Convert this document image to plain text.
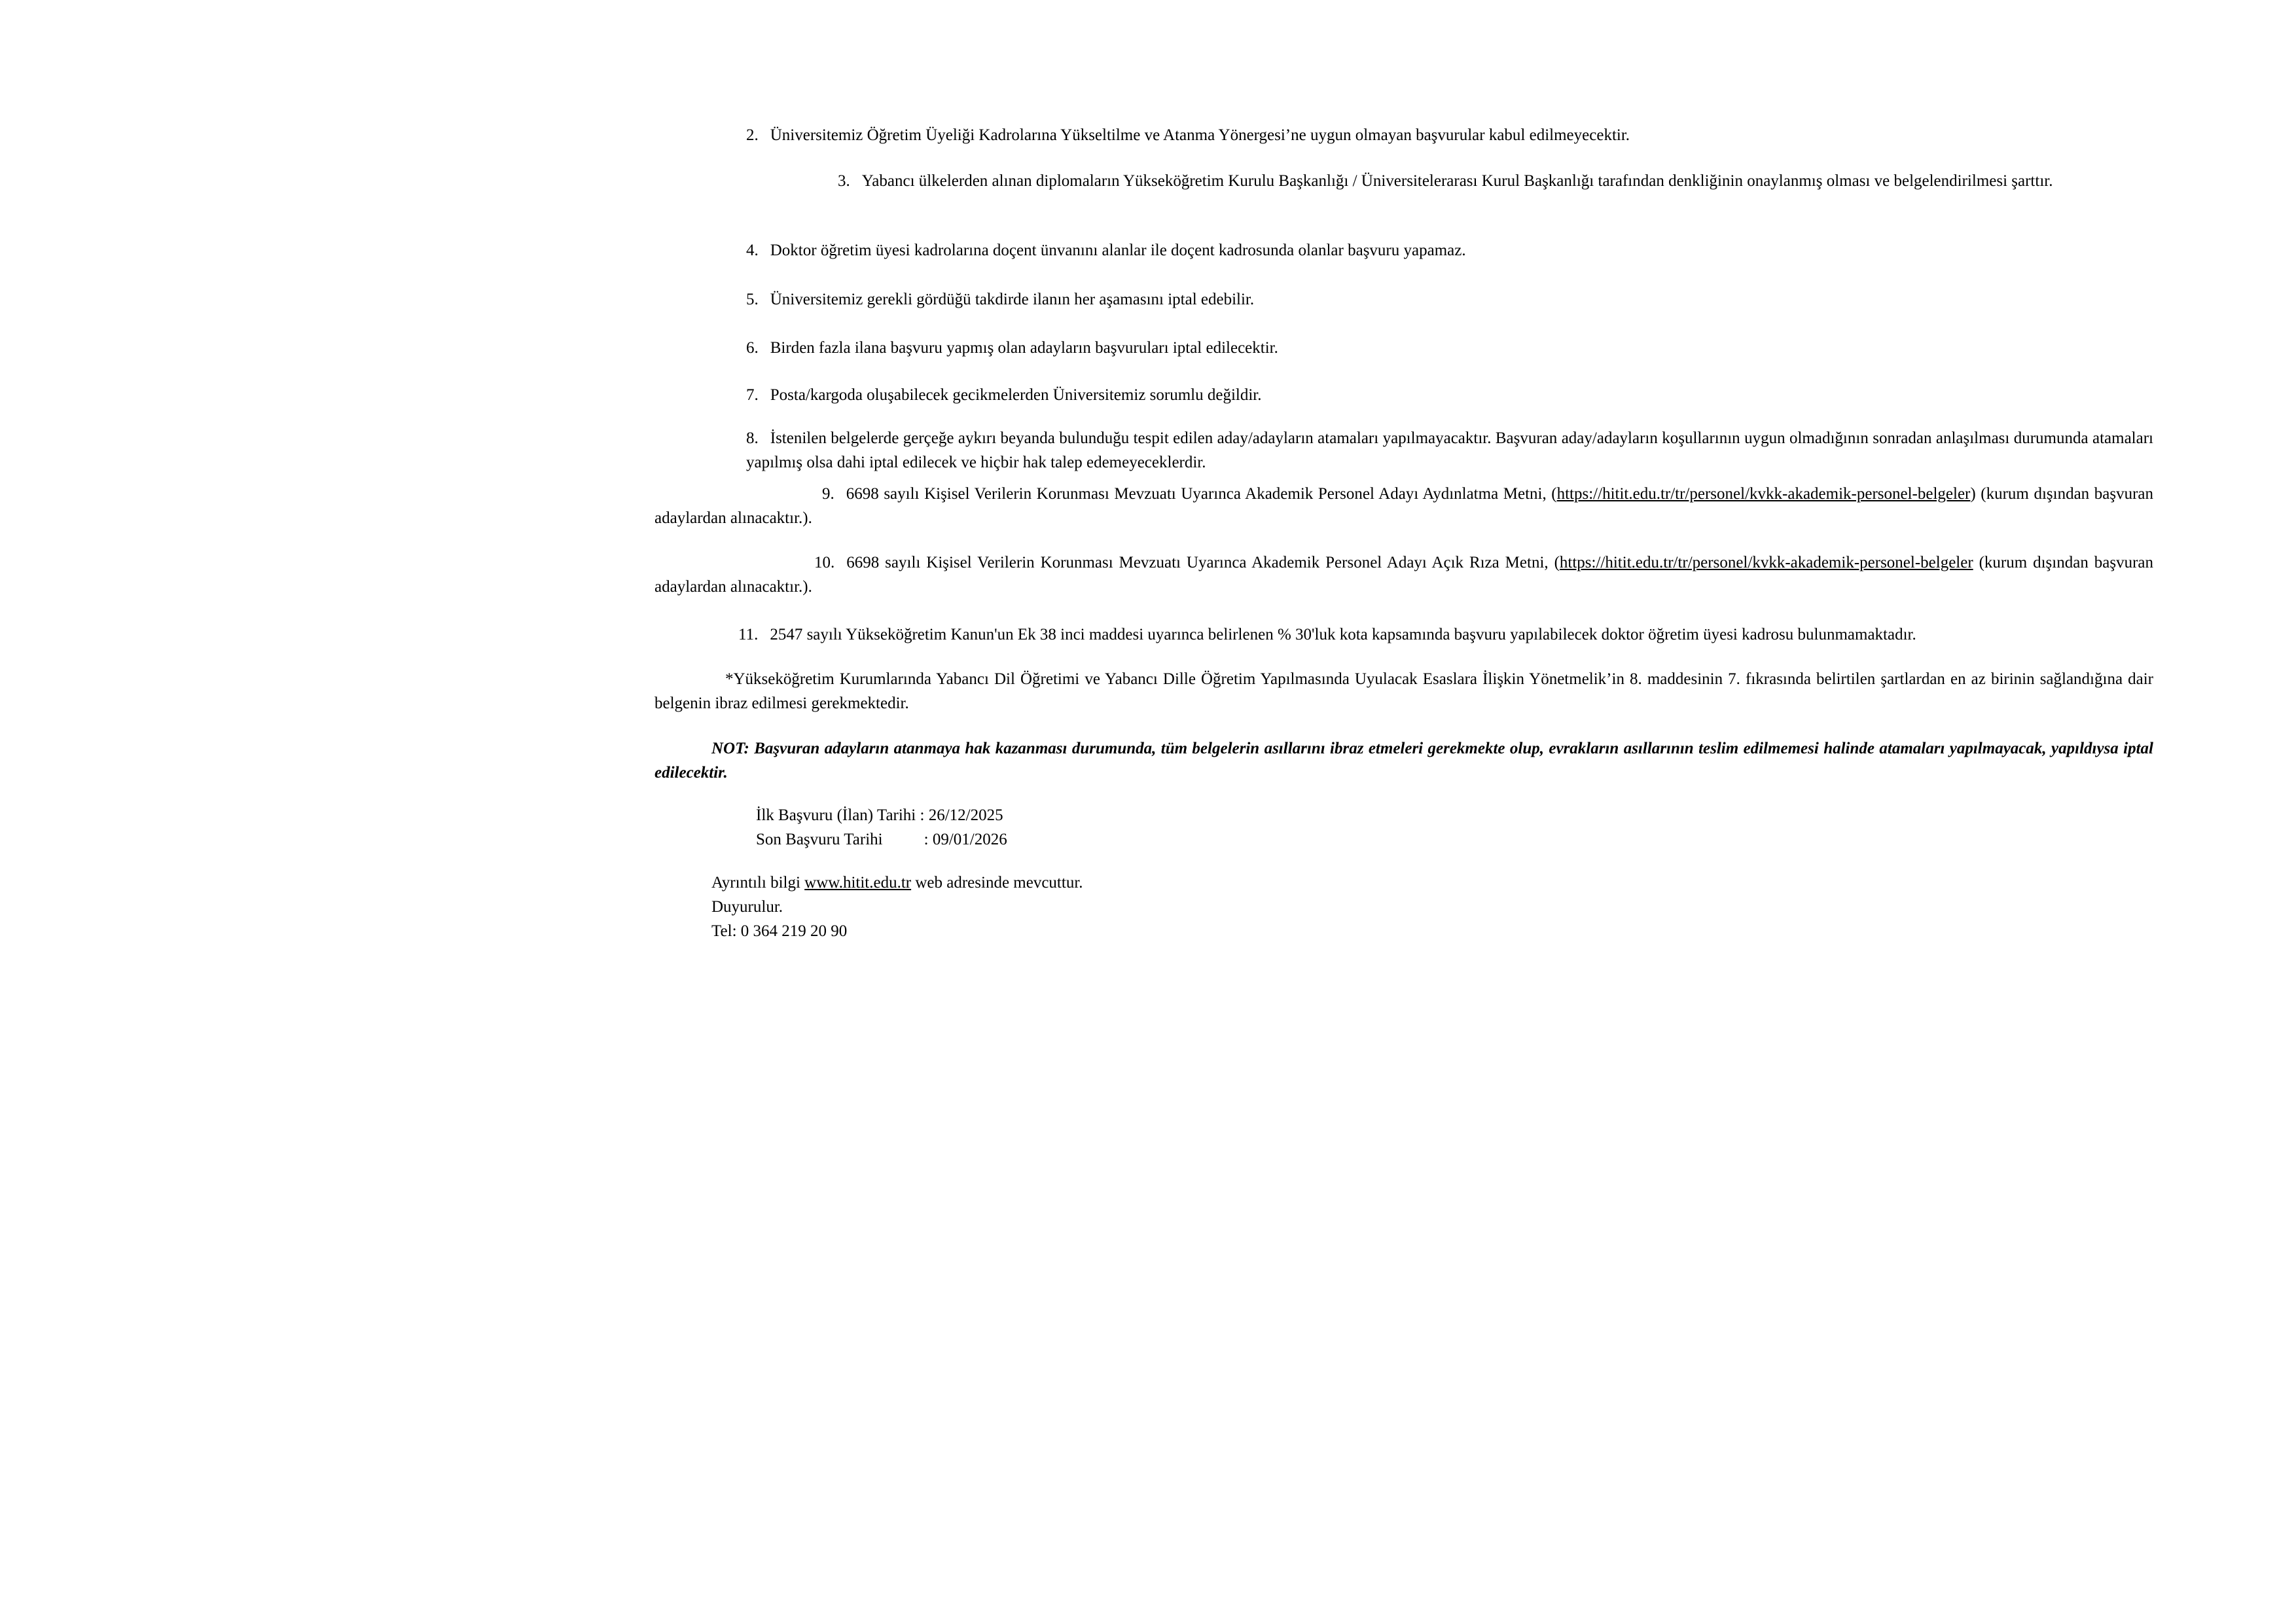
2. Üniversitemiz Öğretim Üyeliği Kadrolarına Yükseltilme ve Atanma Yönergesi’ne uygun olmayan başvurular kabul edilmeyecektir.
3. Yabancı ülkelerden alınan diplomaların Yükseköğretim Kurulu Başkanlığı / Üniversitelerarası Kurul Başkanlığı tarafından denkliğinin onaylanmış olması ve belgelendirilmesi şarttır.
4. Doktor öğretim üyesi kadrolarına doçent ünvanını alanlar ile doçent kadrosunda olanlar başvuru yapamaz.
5. Üniversitemiz gerekli gördüğü takdirde ilanın her aşamasını iptal edebilir.
6. Birden fazla ilana başvuru yapmış olan adayların başvuruları iptal edilecektir.
7. Posta/kargoda oluşabilecek gecikmelerden Üniversitemiz sorumlu değildir.
8. İstenilen belgelerde gerçeğe aykırı beyanda bulunduğu tespit edilen aday/adayların atamaları yapılmayacaktır. Başvuran aday/adayların koşullarının uygun olmadığının sonradan anlaşılması durumunda atamaları yapılmış olsa dahi iptal edilecek ve hiçbir hak talep edemeyeceklerdir.
9. 6698 sayılı Kişisel Verilerin Korunması Mevzuatı Uyarınca Akademik Personel Adayı Aydınlatma Metni, (https://hitit.edu.tr/tr/personel/kvkk-akademik-personel-belgeler) (kurum dışından başvuran adaylardan alınacaktır.).
10. 6698 sayılı Kişisel Verilerin Korunması Mevzuatı Uyarınca Akademik Personel Adayı Açık Rıza Metni, (https://hitit.edu.tr/tr/personel/kvkk-akademik-personel-belgeler (kurum dışından başvuran adaylardan alınacaktır.).
11. 2547 sayılı Yükseköğretim Kanun'un Ek 38 inci maddesi uyarınca belirlenen % 30'luk kota kapsamında başvuru yapılabilecek doktor öğretim üyesi kadrosu bulunmamaktadır.
*Yükseköğretim Kurumlarında Yabancı Dil Öğretimi ve Yabancı Dille Öğretim Yapılmasında Uyulacak Esaslara İlişkin Yönetmelik’in 8. maddesinin 7. fıkrasında belirtilen şartlardan en az birinin sağlandığına dair belgenin ibraz edilmesi gerekmektedir.
NOT: Başvuran adayların atanmaya hak kazanması durumunda, tüm belgelerin asıllarını ibraz etmeleri gerekmekte olup, evrakların asıllarının teslim edilmemesi halinde atamaları yapılmayacak, yapıldıysa iptal edilecektir.
İlk Başvuru (İlan) Tarihi : 26/12/2025
Son Başvuru Tarihi	: 09/01/2026
Ayrıntılı bilgi www.hitit.edu.tr web adresinde mevcuttur.
Duyurulur.
Tel: 0 364 219 20 90
